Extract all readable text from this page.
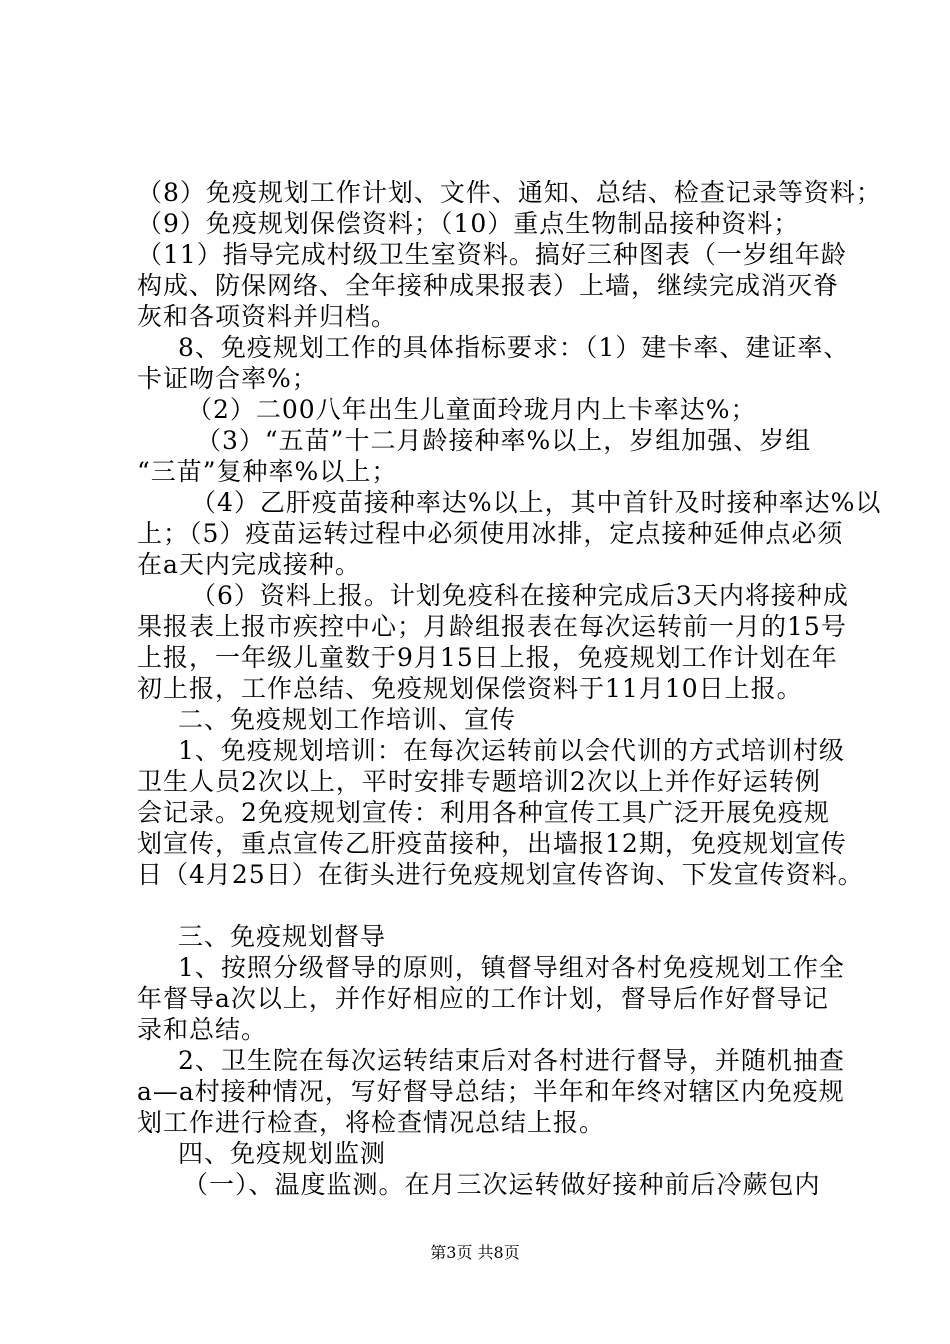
（8）免疫规划工作计划、文件、通知、总结、检查记录等资料；
（9）免疫规划保偿资料；（10）重点生物制品接种资料；
（11）指导完成村级卫生室资料。搞好三种图表（一岁组年龄
构成、防保网络、全年接种成果报表）上墙，继续完成消灭脊
灰和各项资料并归档。
8、免疫规划工作的具体指标要求：（1）建卡率、建证率、
卡证吻合率%；
（2）二00八年出生儿童面玲珑月内上卡率达%；
（3）“五苗”十二月龄接种率%以上，岁组加强、岁组
“三苗”复种率%以上；
（4）乙肝疫苗接种率达%以上，其中首针及时接种率达%以
上；（5）疫苗运转过程中必须使用冰排，定点接种延伸点必须
在a天内完成接种。
（6）资料上报。计划免疫科在接种完成后3天内将接种成
果报表上报市疾控中心；月龄组报表在每次运转前一月的15号
上报，一年级儿童数于9月15日上报，免疫规划工作计划在年
初上报，工作总结、免疫规划保偿资料于11月10日上报。
二、免疫规划工作培训、宣传
1、免疫规划培训：在每次运转前以会代训的方式培训村级
卫生人员2次以上，平时安排专题培训2次以上并作好运转例
会记录。2免疫规划宣传：利用各种宣传工具广泛开展免疫规
划宣传，重点宣传乙肝疫苗接种，出墙报12期，免疫规划宣传
日（4月25日）在街头进行免疫规划宣传咨询、下发宣传资料。
三、免疫规划督导
1、按照分级督导的原则，镇督导组对各村免疫规划工作全
年督导a次以上，并作好相应的工作计划，督导后作好督导记
录和总结。
2、卫生院在每次运转结束后对各村进行督导，并随机抽查
a—a村接种情况，写好督导总结；半年和年终对辖区内免疫规
划工作进行检查，将检查情况总结上报。
四、免疫规划监测
（一）、温度监测。在月三次运转做好接种前后冷蕨包内
第3页 共8页
